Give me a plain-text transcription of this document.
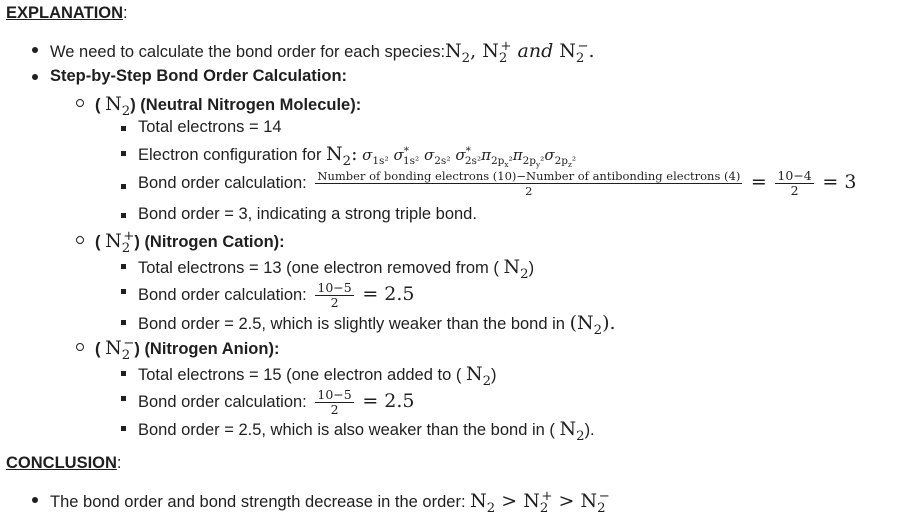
EXPLANATION:
We need to calculate the bond order for each $species:N_2$, $N_2^+$ and $N_2^-$.
Step-by-Step Bond Order Calculation:
( $N_2$) (Neutral Nitrogen Molecule):
Total electrons = 14
Electron configuration for $N_2$: $\sigma_{1s^2}$ $\sigma^*_{1s^2}$ $\sigma_{2s^2}$ $\sigma^*_{2s^2}\pi_{2p_x^2}\pi_{2p_y^2}\sigma_{2p_z^2}$
Bond order calculation: Number of bonding electrons (10)−Number of antibonding electrons (4)
2	= $\frac{10-4}{2} = 3$
Bond order = 3, indicating a strong triple bond.
( $N_2^+$) (Nitrogen Cation):
Total electrons = 13 (one electron removed from ( $N_2$)
Bond order calculation: $\frac{10-5}{2} = 2.5$
Bond order = 2.5, which is slightly weaker than the bond in $(N_2)$.
( $N_2^-$) (Nitrogen Anion):
Total electrons = 15 (one electron added to ( $N_2$)
Bond order calculation: $\frac{10-5}{2} = 2.5$
Bond order = 2.5, which is also weaker than the bond in ( $N_2$).
CONCLUSION:
The bond order and bond strength decrease in the order: $N_2 > N_2^+ > N_2^-$
